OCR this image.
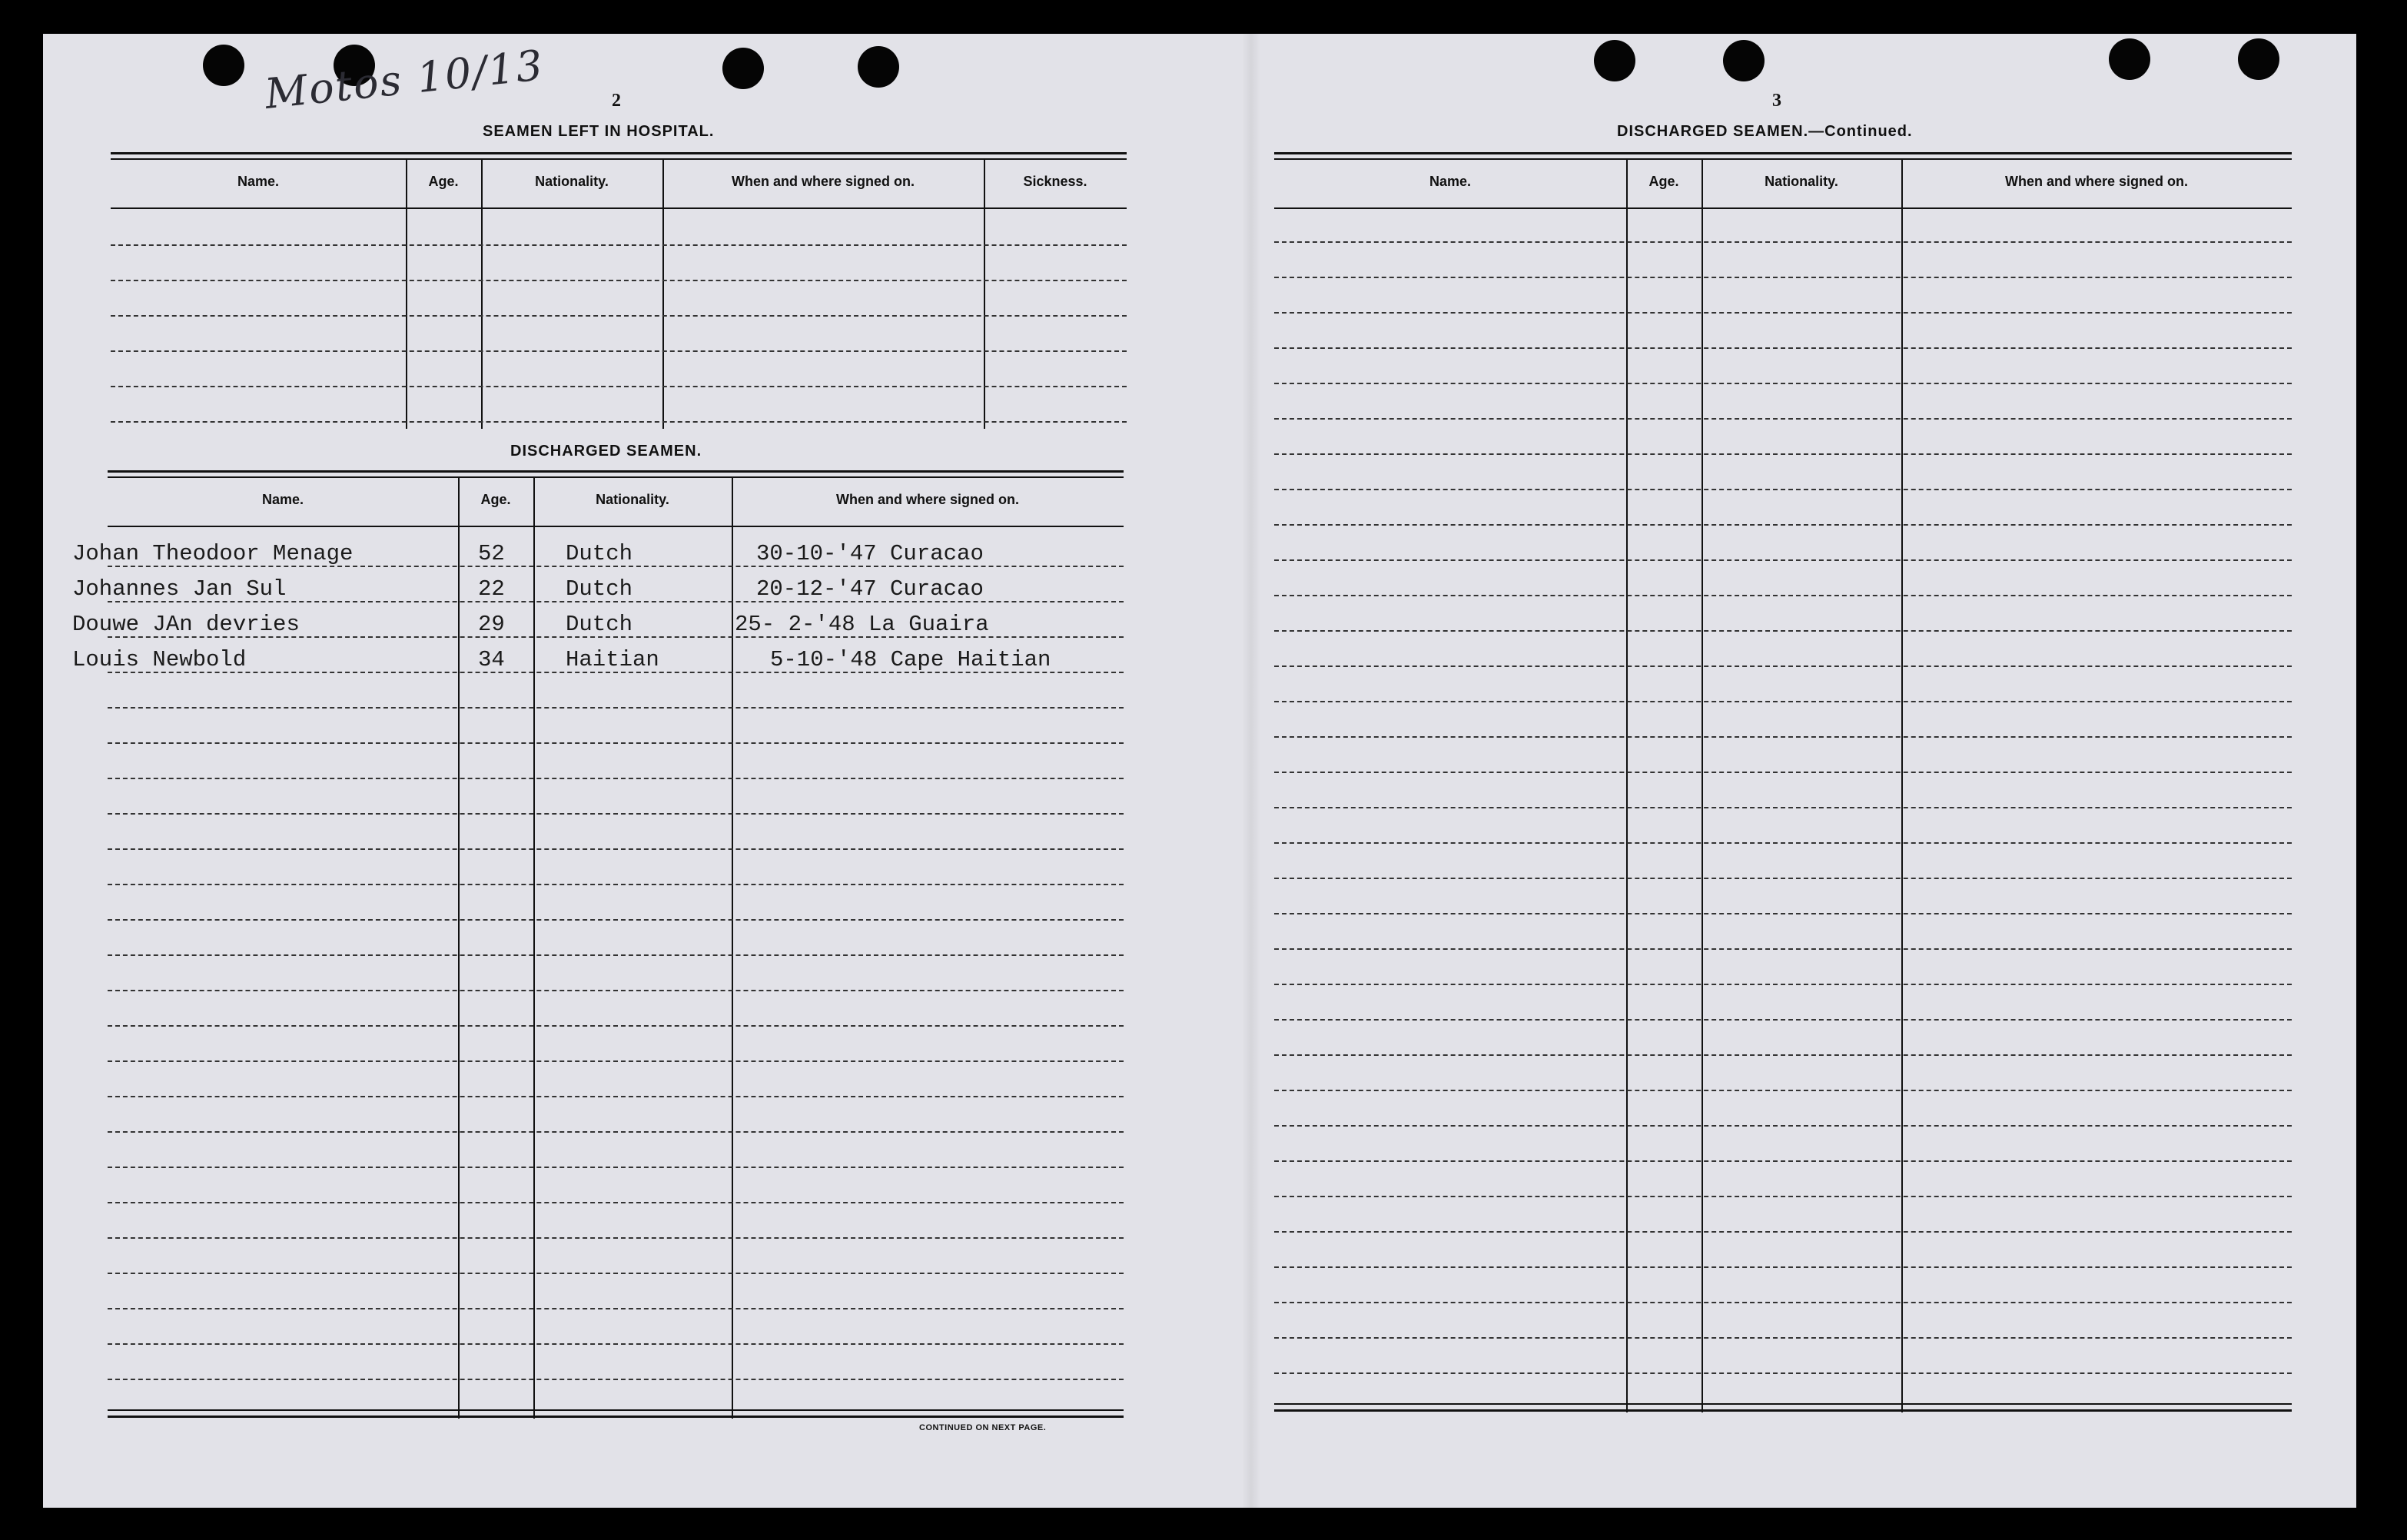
Motos 10/13	2
SEAMEN LEFT IN HOSPITAL.
Name.	Age.	Nationality.	When and where signed on.	Sickness.
DISCHARGED SEAMEN.
Name.	Age.	Nationality.	When and where signed on.
Johan Theodoor Menage	52	Dutch	30-10-'47 Curacao
Johannes Jan Sul	22	Dutch	20-12-'47 Curacao
Douwe JAn devries	29	Dutch	25- 2-'48 La Guaira
Louis Newbold	34	Haitian	5-10-'48 Cape Haitian
CONTINUED ON NEXT PAGE.
3
DISCHARGED SEAMEN.—Continued.
Name.	Age.	Nationality.	When and where signed on.
